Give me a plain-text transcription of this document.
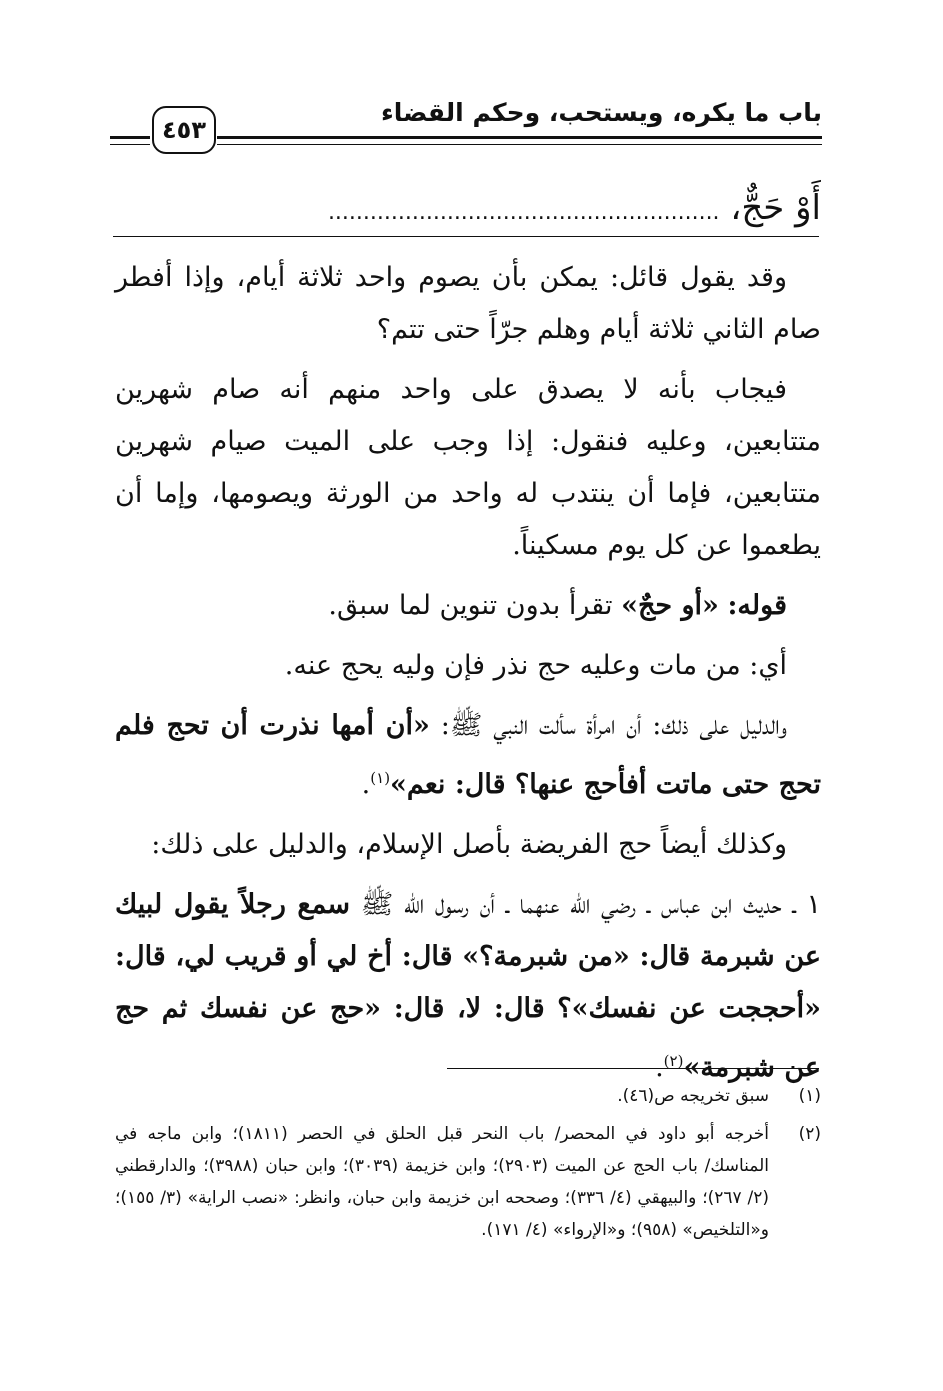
باب ما يكره، ويستحب، وحكم القضاء
٤٥٣
أَوْ حَجٌّ، ........................................................

وقد يقول قائل: يمكن بأن يصوم واحد ثلاثة أيام، وإذا أفطر صام الثاني ثلاثة أيام وهلم جرّاً حتى تتم؟

فيجاب بأنه لا يصدق على واحد منهم أنه صام شهرين متتابعين، وعليه فنقول: إذا وجب على الميت صيام شهرين متتابعين، فإما أن ينتدب له واحد من الورثة ويصومها، وإما أن يطعموا عن كل يوم مسكيناً.

قوله: «أو حجٌ» تقرأ بدون تنوين لما سبق.

أي: من مات وعليه حج نذر فإن وليه يحج عنه.

والدليل على ذلك: أن امرأة سألت النبي ﷺ: «أن أمها نذرت أن تحج فلم تحج حتى ماتت أفأحج عنها؟ قال: نعم»$^{(١)}$.

وكذلك أيضاً حج الفريضة بأصل الإسلام، والدليل على ذلك:

١ ـ حديث ابن عباس ـ رضي الله عنهما ـ أن رسول الله ﷺ سمع رجلاً يقول لبيك عن شبرمة قال: «من شبرمة؟» قال: أخ لي أو قريب لي، قال: «أحججت عن نفسك»؟ قال: لا، قال: «حج عن نفسك ثم حج عن شبرمة»$^{(٢)}$.

(١)
سبق تخريجه ص(٤٦).
(٢)
أخرجه أبو داود في المحصر/ باب النحر قبل الحلق في الحصر (١٨١١)؛ وابن ماجه في المناسك/ باب الحج عن الميت (٢٩٠٣)؛ وابن خزيمة (٣٠٣٩)؛ وابن حبان (٣٩٨٨)؛ والدارقطني (٢/ ٢٦٧)؛ والبيهقي (٤/ ٣٣٦)؛ وصححه ابن خزيمة وابن حبان، وانظر: «نصب الراية» (٣/ ١٥٥)؛ و«التلخيص» (٩٥٨)؛ و«الإرواء» (٤/ ١٧١).
